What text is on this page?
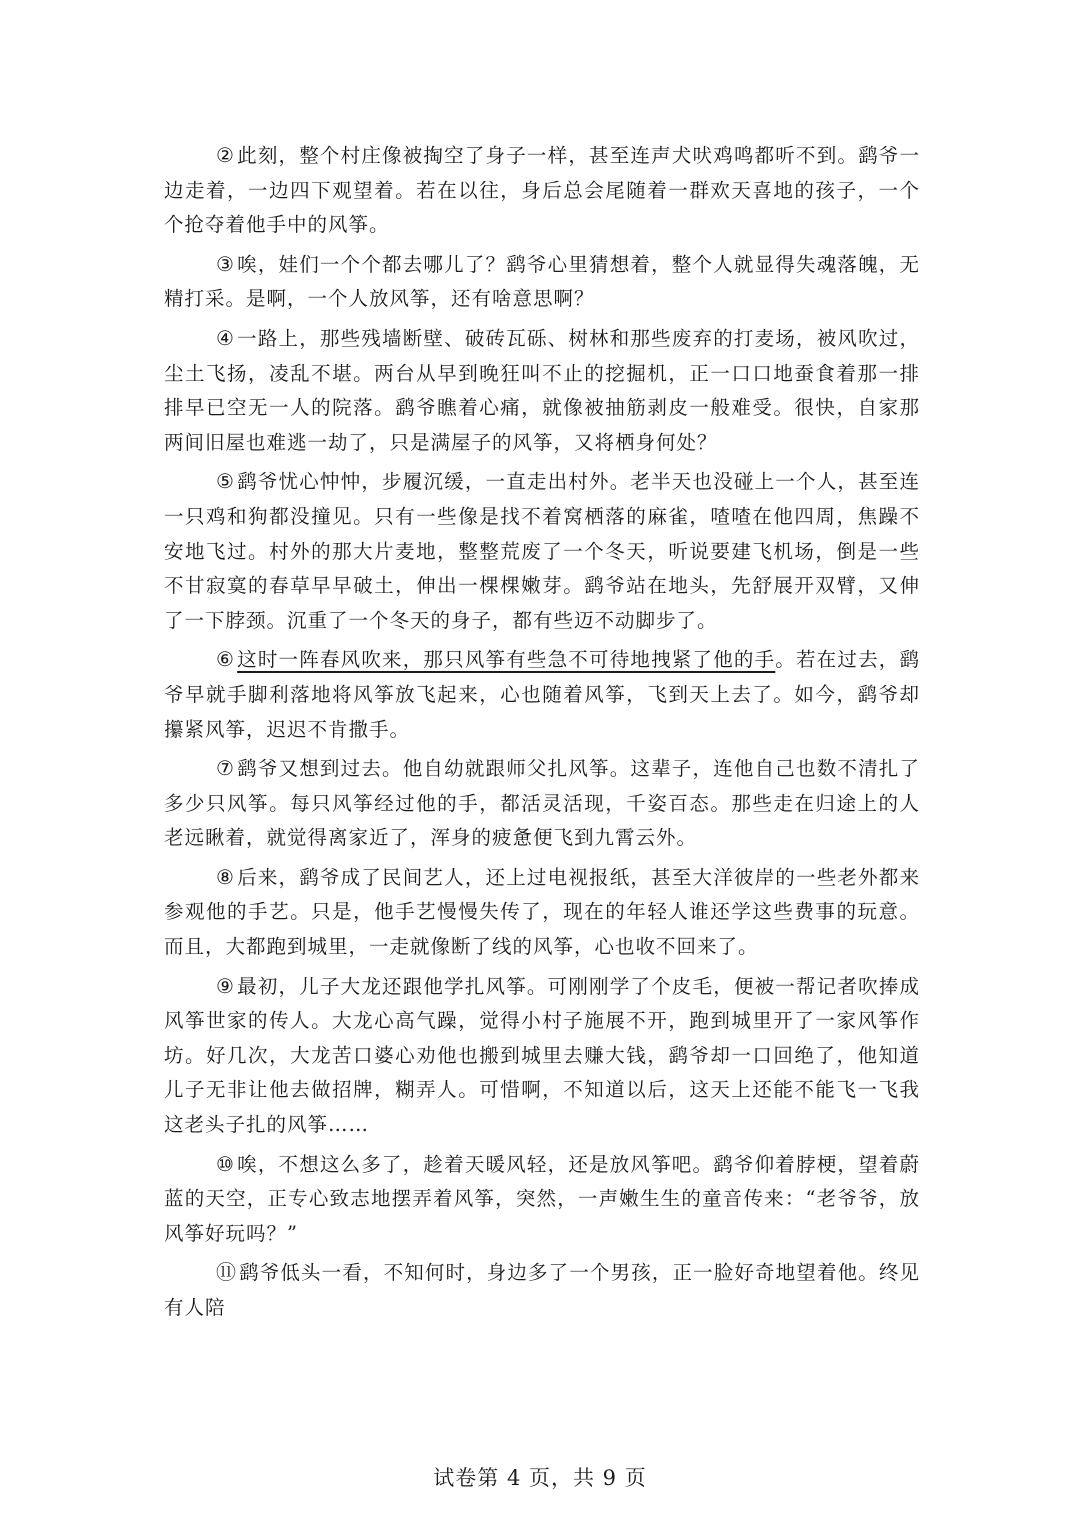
② 此刻，整个村庄像被掏空了身子一样，甚至连声犬吠鸡鸣都听不到。鹞爷一边走着，一边四下观望着。若在以往，身后总会尾随着一群欢天喜地的孩子，一个个抢夺着他手中的风筝。

③ 唉，娃们一个个都去哪儿了？鹞爷心里猜想着，整个人就显得失魂落魄，无精打采。是啊，一个人放风筝，还有啥意思啊？

④ 一路上，那些残墙断壁、破砖瓦砾、树林和那些废弃的打麦场，被风吹过，尘土飞扬，凌乱不堪。两台从早到晚狂叫不止的挖掘机，正一口口地蚕食着那一排排早已空无一人的院落。鹞爷瞧着心痛，就像被抽筋剥皮一般难受。很快，自家那两间旧屋也难逃一劫了，只是满屋子的风筝，又将栖身何处？

⑤ 鹞爷忧心忡忡，步履沉缓，一直走出村外。老半天也没碰上一个人，甚至连一只鸡和狗都没撞见。只有一些像是找不着窝栖落的麻雀，喳喳在他四周，焦躁不安地飞过。村外的那大片麦地，整整荒废了一个冬天，听说要建飞机场，倒是一些不甘寂寞的春草早早破土，伸出一棵棵嫩芽。鹞爷站在地头，先舒展开双臂，又伸了一下脖颈。沉重了一个冬天的身子，都有些迈不动脚步了。

⑥ 这时一阵春风吹来，那只风筝有些急不可待地拽紧了他的手。若在过去，鹞爷早就手脚利落地将风筝放飞起来，心也随着风筝，飞到天上去了。如今，鹞爷却攥紧风筝，迟迟不肯撒手。

⑦ 鹞爷又想到过去。他自幼就跟师父扎风筝。这辈子，连他自己也数不清扎了多少只风筝。每只风筝经过他的手，都活灵活现，千姿百态。那些走在归途上的人老远瞅着，就觉得离家近了，浑身的疲惫便飞到九霄云外。

⑧ 后来，鹞爷成了民间艺人，还上过电视报纸，甚至大洋彼岸的一些老外都来参观他的手艺。只是，他手艺慢慢失传了，现在的年轻人谁还学这些费事的玩意。而且，大都跑到城里，一走就像断了线的风筝，心也收不回来了。

⑨ 最初，儿子大龙还跟他学扎风筝。可刚刚学了个皮毛，便被一帮记者吹捧成风筝世家的传人。大龙心高气躁，觉得小村子施展不开，跑到城里开了一家风筝作坊。好几次，大龙苦口婆心劝他也搬到城里去赚大钱，鹞爷却一口回绝了，他知道儿子无非让他去做招牌，糊弄人。可惜啊，不知道以后，这天上还能不能飞一飞我这老头子扎的风筝……

⑩ 唉，不想这么多了，趁着天暖风轻，还是放风筝吧。鹞爷仰着脖梗，望着蔚蓝的天空，正专心致志地摆弄着风筝，突然，一声嫩生生的童音传来：“老爷爷，放风筝好玩吗？”

⑪ 鹞爷低头一看，不知何时，身边多了一个男孩，正一脸好奇地望着他。终见有人陪

试卷第 4 页，共 9 页
